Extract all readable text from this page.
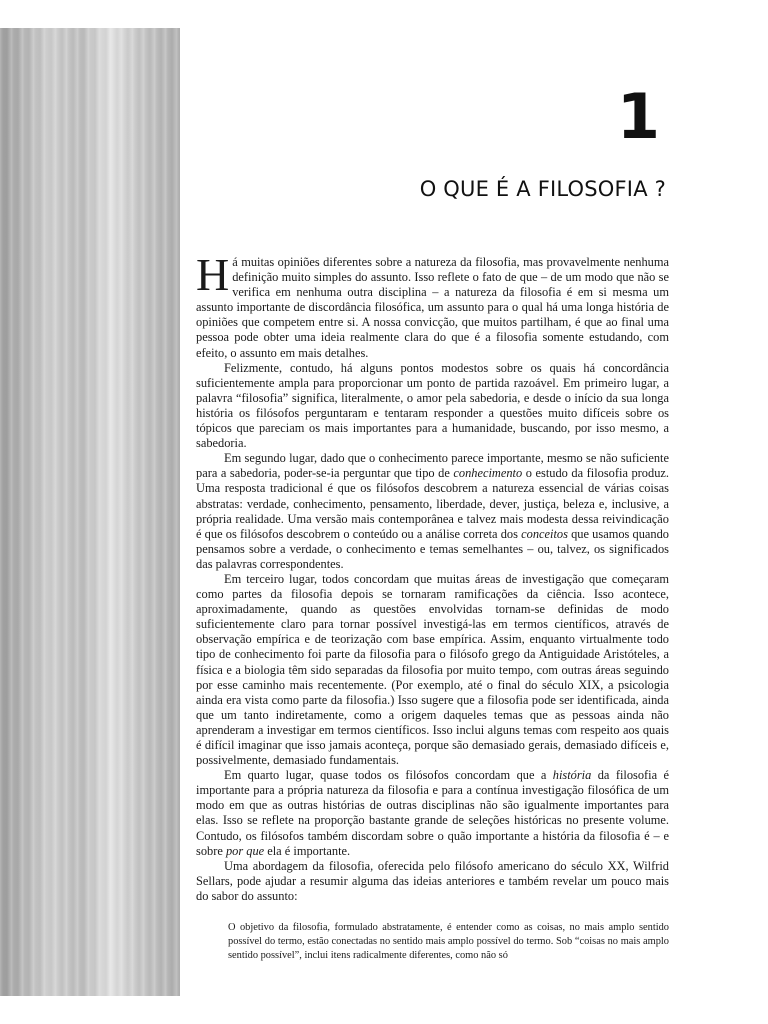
1
O QUE É A FILOSOFIA ?

Há muitas opiniões diferentes sobre a natureza da filosofia, mas provavelmente nenhuma definição muito simples do assunto. Isso reflete o fato de que – de um modo que não se verifica em nenhuma outra disciplina – a natureza da filosofia é em si mesma um assunto importante de discordância filosófica, um assunto para o qual há uma longa história de opiniões que competem entre si. A nossa convicção, que muitos partilham, é que ao final uma pessoa pode obter uma ideia realmente clara do que é a filosofia somente estudando, com efeito, o assunto em mais detalhes.

Felizmente, contudo, há alguns pontos modestos sobre os quais há concordância suficientemente ampla para proporcionar um ponto de partida razoável. Em primeiro lugar, a palavra “filosofia” significa, literalmente, o amor pela sabedoria, e desde o início da sua longa história os filósofos perguntaram e tentaram responder a questões muito difíceis sobre os tópicos que pareciam os mais importantes para a humanidade, buscando, por isso mesmo, a sabedoria.

Em segundo lugar, dado que o conhecimento parece importante, mesmo se não suficiente para a sabedoria, poder-se-ia perguntar que tipo de conhecimento o estudo da filosofia produz. Uma resposta tradicional é que os filósofos descobrem a natureza essencial de várias coisas abstratas: verdade, conhecimento, pensamento, liberdade, dever, justiça, beleza e, inclusive, a própria realidade. Uma versão mais contemporânea e talvez mais modesta dessa reivindicação é que os filósofos descobrem o conteúdo ou a análise correta dos conceitos que usamos quando pensamos sobre a verdade, o conhecimento e temas semelhantes – ou, talvez, os significados das palavras correspondentes.

Em terceiro lugar, todos concordam que muitas áreas de investigação que começaram como partes da filosofia depois se tornaram ramificações da ciência. Isso acontece, aproximadamente, quando as questões envolvidas tornam-se definidas de modo suficientemente claro para tornar possível investigá-las em termos científicos, através de observação empírica e de teorização com base empírica. Assim, enquanto virtualmente todo tipo de conhecimento foi parte da filosofia para o filósofo grego da Antiguidade Aristóteles, a física e a biologia têm sido separadas da filosofia por muito tempo, com outras áreas seguindo por esse caminho mais recentemente. (Por exemplo, até o final do século XIX, a psicologia ainda era vista como parte da filosofia.) Isso sugere que a filosofia pode ser identificada, ainda que um tanto indiretamente, como a origem daqueles temas que as pessoas ainda não aprenderam a investigar em termos científicos. Isso inclui alguns temas com respeito aos quais é difícil imaginar que isso jamais aconteça, porque são demasiado gerais, demasiado difíceis e, possivelmente, demasiado fundamentais.

Em quarto lugar, quase todos os filósofos concordam que a história da filosofia é importante para a própria natureza da filosofia e para a contínua investigação filosófica de um modo em que as outras histórias de outras disciplinas não são igualmente importantes para elas. Isso se reflete na proporção bastante grande de seleções históricas no presente volume. Contudo, os filósofos também discordam sobre o quão importante a história da filosofia é – e sobre por que ela é importante.

Uma abordagem da filosofia, oferecida pelo filósofo americano do século XX, Wilfrid Sellars, pode ajudar a resumir alguma das ideias anteriores e também revelar um pouco mais do sabor do assunto:

O objetivo da filosofia, formulado abstratamente, é entender como as coisas, no mais amplo sentido possível do termo, estão conectadas no sentido mais amplo possível do termo. Sob “coisas no mais amplo sentido possível”, inclui itens radicalmente diferentes, como não só
